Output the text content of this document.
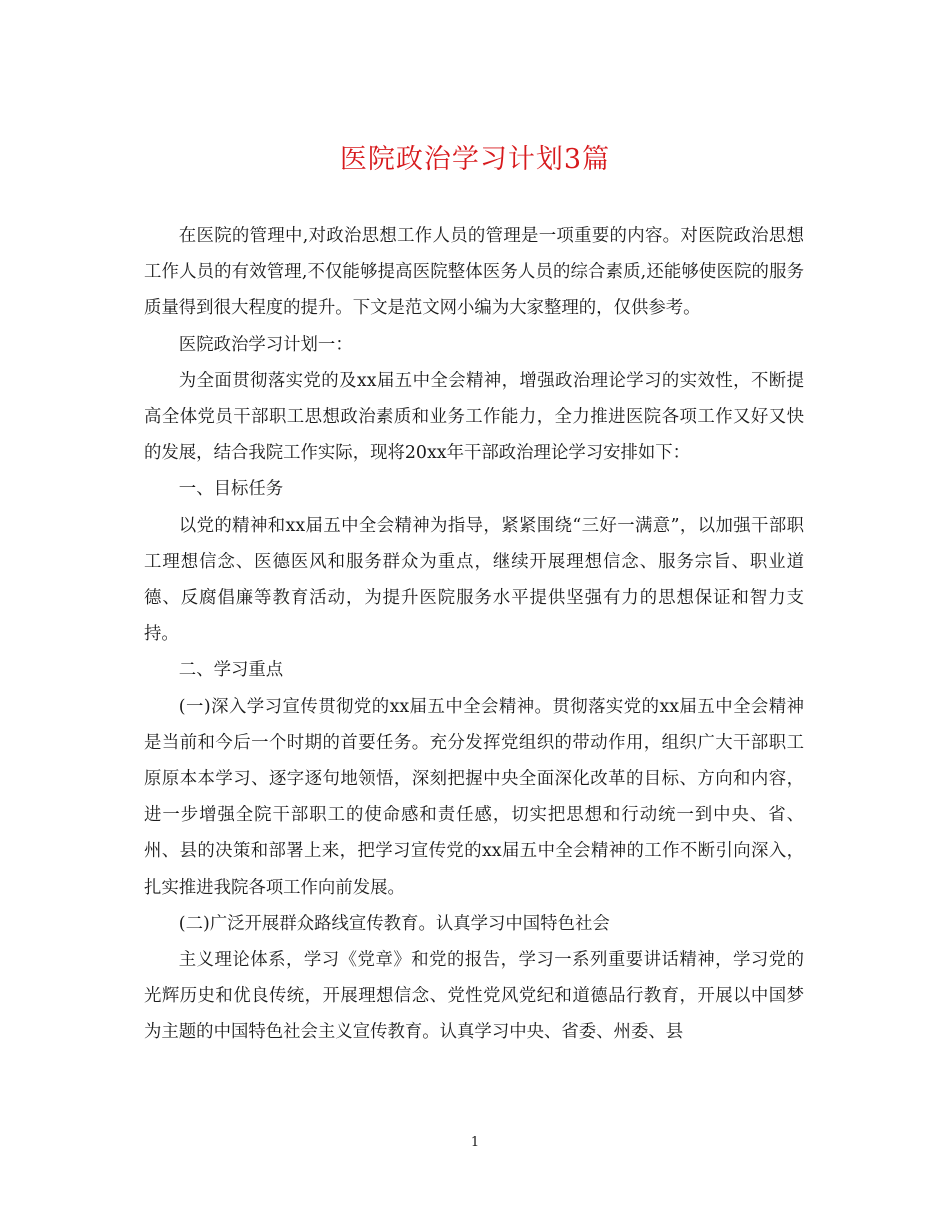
医院政治学习计划3篇

在医院的管理中,对政治思想工作人员的管理是一项重要的内容。对医院政治思想工作人员的有效管理,不仅能够提高医院整体医务人员的综合素质,还能够使医院的服务质量得到很大程度的提升。下文是范文网小编为大家整理的，仅供参考。

医院政治学习计划一：

为全面贯彻落实党的及xx届五中全会精神，增强政治理论学习的实效性，不断提高全体党员干部职工思想政治素质和业务工作能力，全力推进医院各项工作又好又快的发展，结合我院工作实际，现将20xx年干部政治理论学习安排如下：

一、目标任务

以党的精神和xx届五中全会精神为指导，紧紧围绕“三好一满意”，以加强干部职工理想信念、医德医风和服务群众为重点，继续开展理想信念、服务宗旨、职业道德、反腐倡廉等教育活动，为提升医院服务水平提供坚强有力的思想保证和智力支持。

二、学习重点

(一)深入学习宣传贯彻党的xx届五中全会精神。贯彻落实党的xx届五中全会精神是当前和今后一个时期的首要任务。充分发挥党组织的带动作用，组织广大干部职工原原本本学习、逐字逐句地领悟，深刻把握中央全面深化改革的目标、方向和内容，进一步增强全院干部职工的使命感和责任感，切实把思想和行动统一到中央、省、州、县的决策和部署上来，把学习宣传党的xx届五中全会精神的工作不断引向深入，扎实推进我院各项工作向前发展。

(二)广泛开展群众路线宣传教育。认真学习中国特色社会

主义理论体系，学习《党章》和党的报告，学习一系列重要讲话精神，学习党的光辉历史和优良传统，开展理想信念、党性党风党纪和道德品行教育，开展以中国梦为主题的中国特色社会主义宣传教育。认真学习中央、省委、州委、县

1
